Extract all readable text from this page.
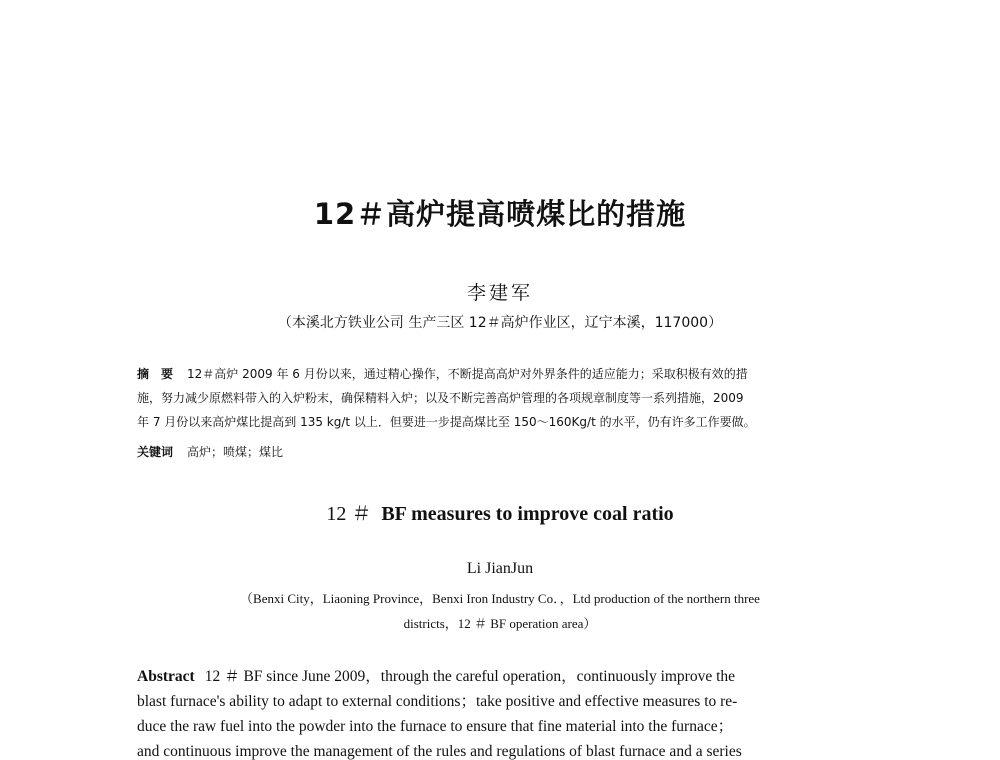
12＃高炉提高喷煤比的措施
李建军
（本溪北方铁业公司 生产三区 12＃高炉作业区，辽宁本溪，117000）
摘　要 12＃高炉 2009 年 6 月份以来，通过精心操作，不断提高高炉对外界条件的适应能力；采取积极有效的措
施，努力减少原燃料带入的入炉粉末，确保精料入炉；以及不断完善高炉管理的各项规章制度等一系列措施，2009
年 7 月份以来高炉煤比提高到 135 kg/t 以上．但要进一步提高煤比至 150～160Kg/t 的水平，仍有许多工作要做。
关键词 高炉；喷煤；煤比
12 ＃ BF measures to improve coal ratio
Li JianJun
（Benxi City，Liaoning Province，Benxi Iron Industry Co．，Ltd production of the northern three
districts，12 ＃ BF operation area）
Abstract 12 ＃ BF since June 2009，through the careful operation，continuously improve the
blast furnace's ability to adapt to external conditions；take positive and effective measures to re-
duce the raw fuel into the powder into the furnace to ensure that fine material into the furnace；
and continuous improve the management of the rules and regulations of blast furnace and a series
